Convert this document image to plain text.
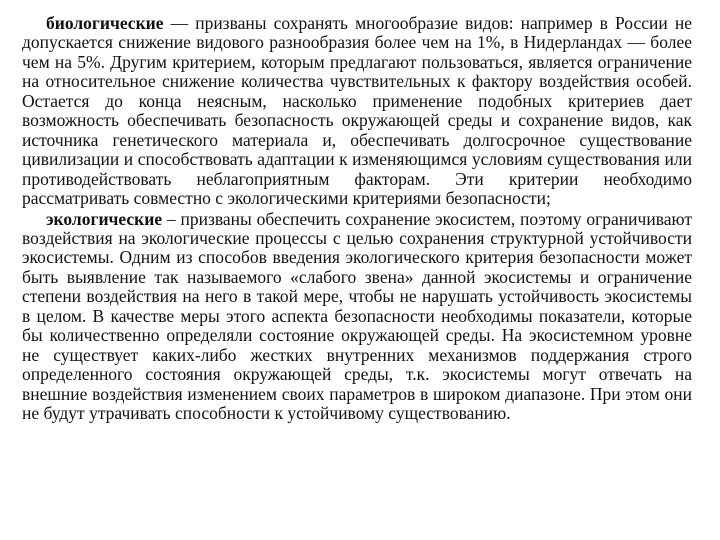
биологические — призваны сохранять многообразие видов: например в России не допускается снижение видового разнообразия более чем на 1%, в Нидерландах — более чем на 5%. Другим критерием, которым предлагают пользоваться, является ограничение на относительное снижение количества чувствительных к фактору воздействия особей. Остается до конца неясным, насколько применение подобных критериев дает возможность обеспечивать безопасность окружающей среды и сохранение видов, как источника генетического материала и, обеспечивать долгосрочное существование цивилизации и способствовать адаптации к изменяющимся условиям существования или противодействовать неблагоприятным факторам. Эти критерии необходимо рассматривать совместно с экологическими критериями безопасности;

экологические – призваны обеспечить сохранение экосистем, поэтому ограничивают воздействия на экологические процессы с целью сохранения структурной устойчивости экосистемы. Одним из способов введения экологического критерия безопасности может быть выявление так называемого «слабого звена» данной экосистемы и ограничение степени воздействия на него в такой мере, чтобы не нарушать устойчивость экосистемы в целом. В качестве меры этого аспекта безопасности необходимы показатели, которые бы количественно определяли состояние окружающей среды. На экосистемном уровне не существует каких-либо жестких внутренних механизмов поддержания строго определенного состояния окружающей среды, т.к. экосистемы могут отвечать на внешние воздействия изменением своих параметров в широком диапазоне. При этом они не будут утрачивать способности к устойчивому существованию.
